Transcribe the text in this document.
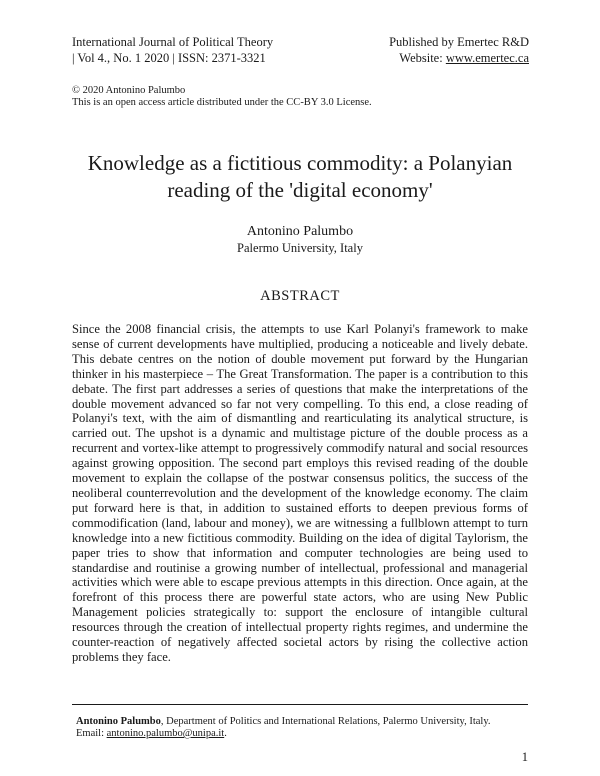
International Journal of Political Theory
| Vol 4., No. 1 2020 | ISSN: 2371-3321
Published by Emertec R&D
Website: www.emertec.ca
© 2020 Antonino Palumbo
This is an open access article distributed under the CC-BY 3.0 License.
Knowledge as a fictitious commodity: a Polanyian reading of the 'digital economy'
Antonino Palumbo
Palermo University, Italy
ABSTRACT
Since the 2008 financial crisis, the attempts to use Karl Polanyi's framework to make sense of current developments have multiplied, producing a noticeable and lively debate. This debate centres on the notion of double movement put forward by the Hungarian thinker in his masterpiece – The Great Transformation. The paper is a contribution to this debate. The first part addresses a series of questions that make the interpretations of the double movement advanced so far not very compelling. To this end, a close reading of Polanyi's text, with the aim of dismantling and rearticulating its analytical structure, is carried out. The upshot is a dynamic and multistage picture of the double process as a recurrent and vortex-like attempt to progressively commodify natural and social resources against growing opposition. The second part employs this revised reading of the double movement to explain the collapse of the postwar consensus politics, the success of the neoliberal counterrevolution and the development of the knowledge economy. The claim put forward here is that, in addition to sustained efforts to deepen previous forms of commodification (land, labour and money), we are witnessing a fullblown attempt to turn knowledge into a new fictitious commodity. Building on the idea of digital Taylorism, the paper tries to show that information and computer technologies are being used to standardise and routinise a growing number of intellectual, professional and managerial activities which were able to escape previous attempts in this direction. Once again, at the forefront of this process there are powerful state actors, who are using New Public Management policies strategically to: support the enclosure of intangible cultural resources through the creation of intellectual property rights regimes, and undermine the counter-reaction of negatively affected societal actors by rising the collective action problems they face.
Antonino Palumbo, Department of Politics and International Relations, Palermo University, Italy.
Email: antonino.palumbo@unipa.it.
1
